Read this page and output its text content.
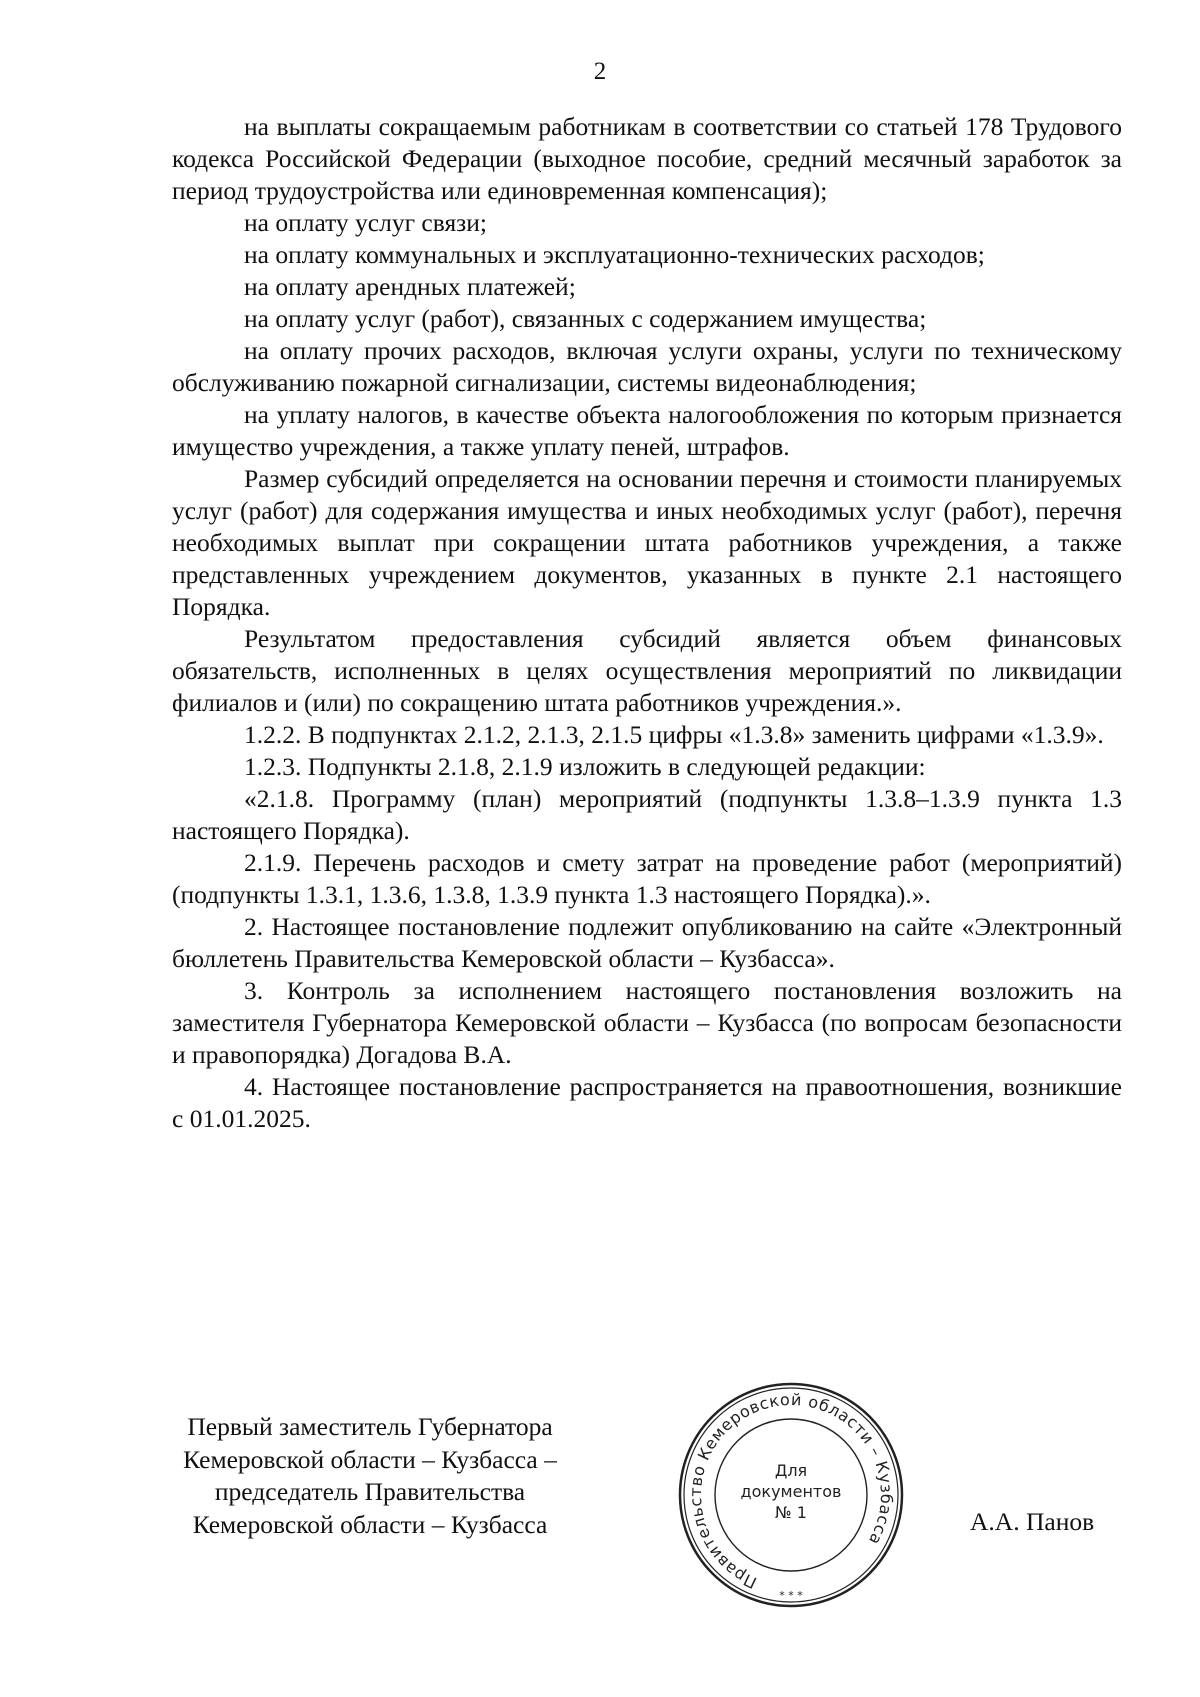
2

на выплаты сокращаемым работникам в соответствии со статьей 178 Трудового кодекса Российской Федерации (выходное пособие, средний месячный заработок за период трудоустройства или единовременная компенсация);

на оплату услуг связи;

на оплату коммунальных и эксплуатационно-технических расходов;

на оплату арендных платежей;

на оплату услуг (работ), связанных с содержанием имущества;

на оплату прочих расходов, включая услуги охраны, услуги по техническому обслуживанию пожарной сигнализации, системы видеонаблюдения;

на уплату налогов, в качестве объекта налогообложения по которым признается имущество учреждения, а также уплату пеней, штрафов.

Размер субсидий определяется на основании перечня и стоимости планируемых услуг (работ) для содержания имущества и иных необходимых услуг (работ), перечня необходимых выплат при сокращении штата работников учреждения, а также представленных учреждением документов, указанных в пункте 2.1 настоящего Порядка.

Результатом предоставления субсидий является объем финансовых обязательств, исполненных в целях осуществления мероприятий по ликвидации филиалов и (или) по сокращению штата работников учреждения.».

1.2.2. В подпунктах 2.1.2, 2.1.3, 2.1.5 цифры «1.3.8» заменить цифрами «1.3.9».

1.2.3. Подпункты 2.1.8, 2.1.9 изложить в следующей редакции:

«2.1.8. Программу (план) мероприятий (подпункты 1.3.8–1.3.9 пункта 1.3 настоящего Порядка).

2.1.9. Перечень расходов и смету затрат на проведение работ (мероприятий) (подпункты 1.3.1, 1.3.6, 1.3.8, 1.3.9 пункта 1.3 настоящего Порядка).».

2. Настоящее постановление подлежит опубликованию на сайте «Электронный бюллетень Правительства Кемеровской области – Кузбасса».

3. Контроль за исполнением настоящего постановления возложить на заместителя Губернатора Кемеровской области – Кузбасса (по вопросам безопасности и правопорядка) Догадова В.А.

4. Настоящее постановление распространяется на правоотношения, возникшие с 01.01.2025.

Первый заместитель Губернатора
Кемеровской области – Кузбасса –
председатель Правительства
Кемеровской области – Кузбасса
Правительство Кемеровской области – Кузбасса
Для
документов
№ 1
* * *
А.А. Панов
